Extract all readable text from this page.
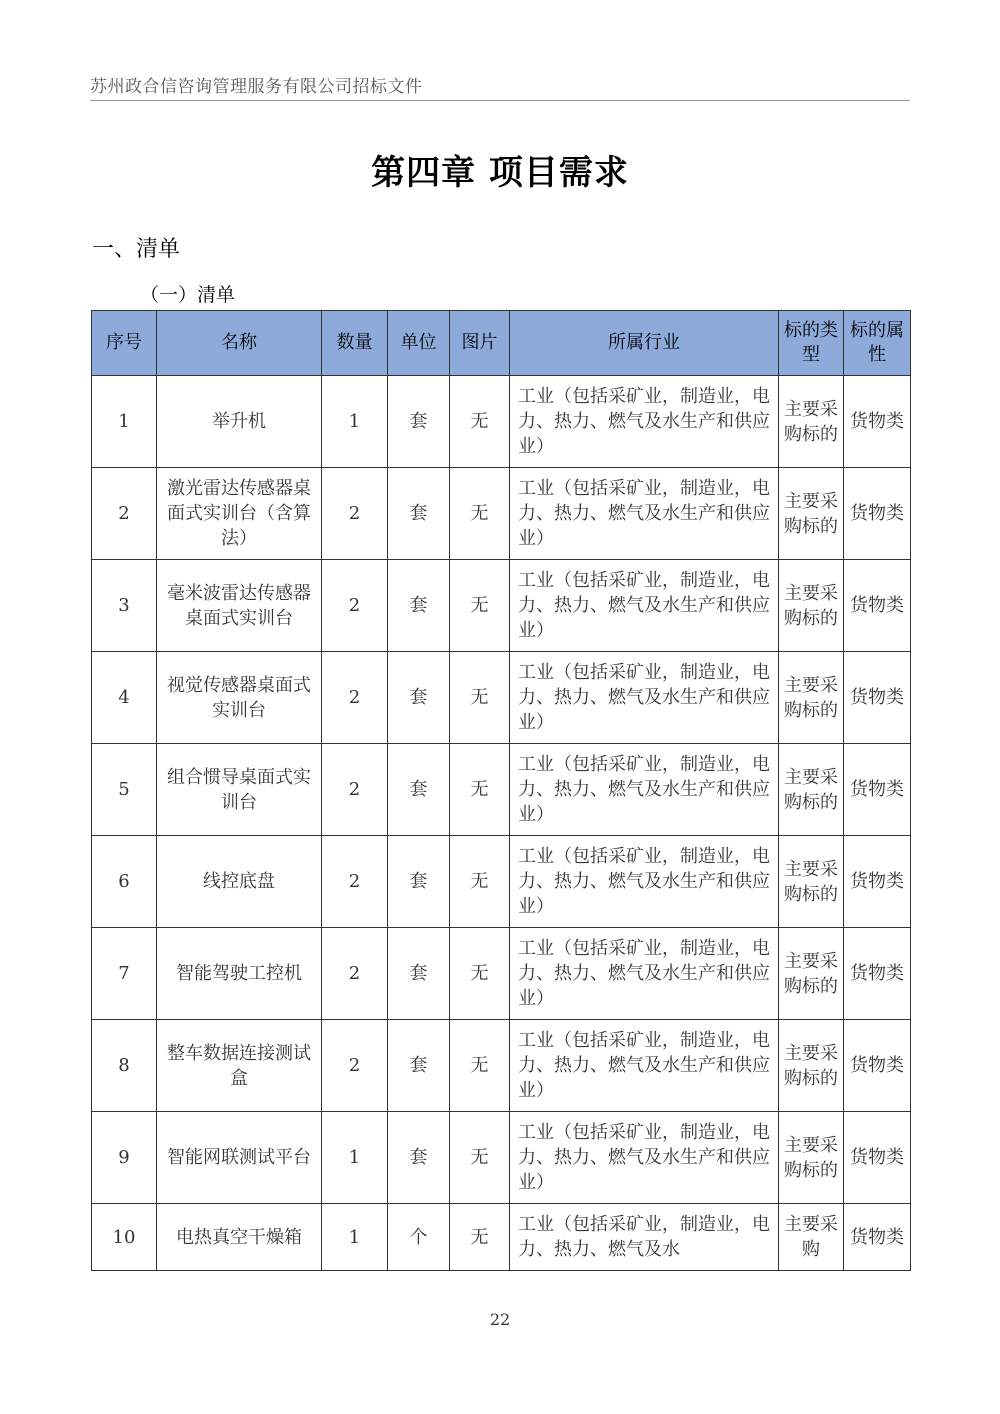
苏州政合信咨询管理服务有限公司招标文件
第四章 项目需求
一、清单
（一）清单
序号	名称	数量	单位	图片	所属行业	标的类型	标的属性
1	举升机	1	套	无	工业（包括采矿业，制造业，电力、热力、燃气及水生产和供应业）	主要采购标的	货物类
2	激光雷达传感器桌面式实训台（含算法）	2	套	无	工业（包括采矿业，制造业，电力、热力、燃气及水生产和供应业）	主要采购标的	货物类
3	毫米波雷达传感器桌面式实训台	2	套	无	工业（包括采矿业，制造业，电力、热力、燃气及水生产和供应业）	主要采购标的	货物类
4	视觉传感器桌面式实训台	2	套	无	工业（包括采矿业，制造业，电力、热力、燃气及水生产和供应业）	主要采购标的	货物类
5	组合惯导桌面式实训台	2	套	无	工业（包括采矿业，制造业，电力、热力、燃气及水生产和供应业）	主要采购标的	货物类
6	线控底盘	2	套	无	工业（包括采矿业，制造业，电力、热力、燃气及水生产和供应业）	主要采购标的	货物类
7	智能驾驶工控机	2	套	无	工业（包括采矿业，制造业，电力、热力、燃气及水生产和供应业）	主要采购标的	货物类
8	整车数据连接测试盒	2	套	无	工业（包括采矿业，制造业，电力、热力、燃气及水生产和供应业）	主要采购标的	货物类
9	智能网联测试平台	1	套	无	工业（包括采矿业，制造业，电力、热力、燃气及水生产和供应业）	主要采购标的	货物类
10	电热真空干燥箱	1	个	无	工业（包括采矿业，制造业，电力、热力、燃气及水	主要采购	货物类
22
